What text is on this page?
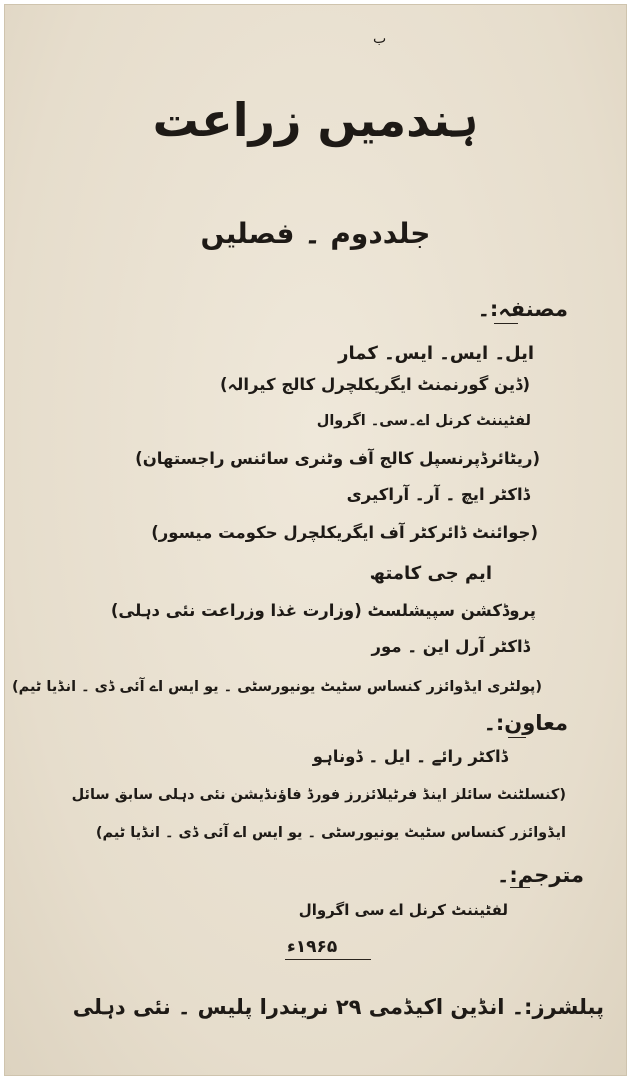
ب
ہندمیں زراعت
جلددوم ۔ فصلیں
مصنفہ:۔
ایل۔ ایس۔ ایس۔ کمار
(ڈین گورنمنٹ ایگریکلچرل کالج کیرالہ)
لفٹیننٹ کرنل اے۔سی۔ اگروال
(ریٹائرڈپرنسپل کالج آف وٹنری سائنس راجستھان)
ڈاکٹر ایچ ۔ آر۔ آراکیری
(جوائنٹ ڈائرکٹر آف ایگریکلچرل حکومت میسور)
ایم جی کامتھ
پروڈکشن سپیشلسٹ (وزارت غذا وزراعت نئی دہلی)
ڈاکٹر آرل این ۔ مور
(پولٹری ایڈوائزر کنساس سٹیٹ یونیورسٹی ۔ یو ایس اے آئی ڈی ۔ انڈیا ٹیم)
معاون:۔
ڈاکٹر رائے ۔ ایل ۔ ڈوناہو
(کنسلٹنٹ سائلز اینڈ فرٹیلائزرز فورڈ فاؤنڈیشن نئی دہلی سابق سائل
ایڈوائزر کنساس سٹیٹ یونیورسٹی ۔ یو ایس اے آئی ڈی ۔ انڈیا ٹیم)
مترجم:۔
لفٹیننٹ کرنل اے سی اگروال
۱۹۶۵ء
پبلشرز:۔ انڈین اکیڈمی ۲۹ نریندرا پلیس ۔ نئی دہلی
